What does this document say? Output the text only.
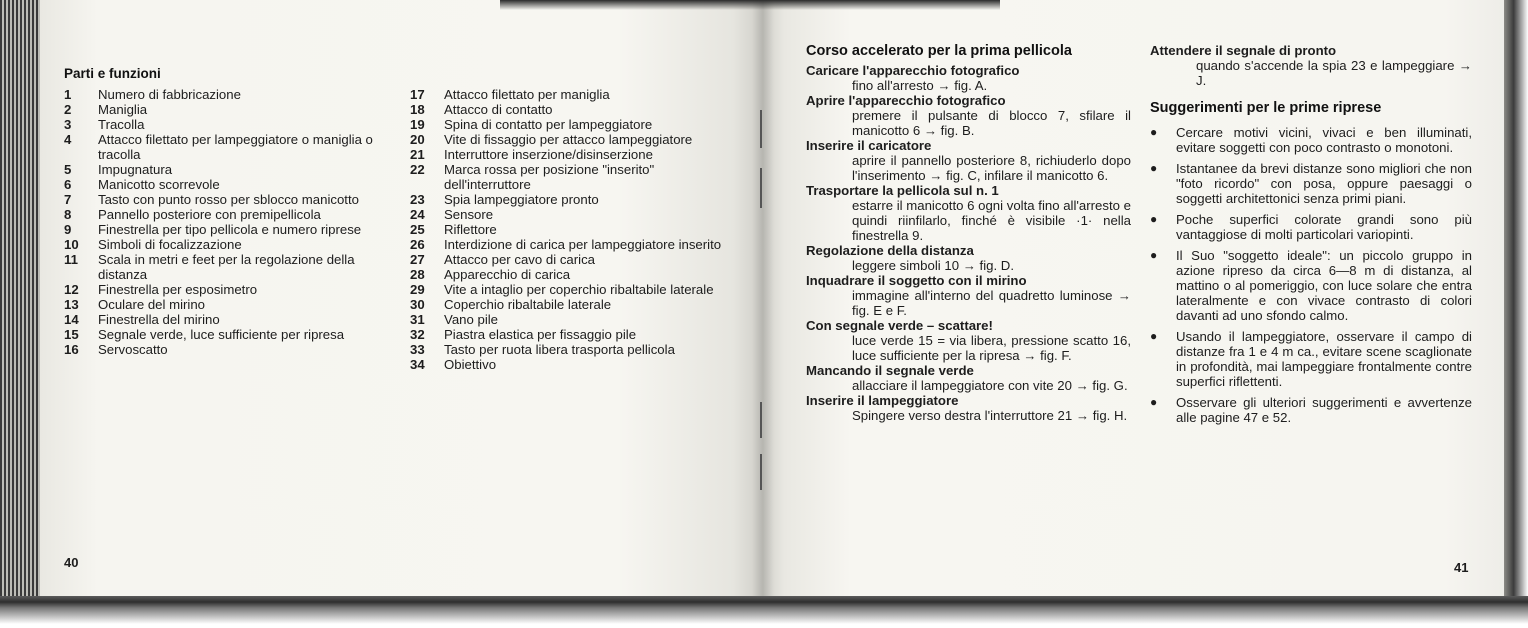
Parti e funzioni
1	Numero di fabbricazione
2	Maniglia
3	Tracolla
4	Attacco filettato per lampeggiatore o maniglia o tracolla
5	Impugnatura
6	Manicotto scorrevole
7	Tasto con punto rosso per sblocco manicotto
8	Pannello posteriore con premipellicola
9	Finestrella per tipo pellicola e numero riprese
10	Simboli di focalizzazione
11	Scala in metri e feet per la regolazione della distanza
12	Finestrella per esposimetro
13	Oculare del mirino
14	Finestrella del mirino
15	Segnale verde, luce sufficiente per ripresa
16	Servoscatto
17	Attacco filettato per maniglia
18	Attacco di contatto
19	Spina di contatto per lampeggiatore
20	Vite di fissaggio per attacco lampeggiatore
21	Interruttore inserzione/disinserzione
22	Marca rossa per posizione "inserito" dell'interruttore
23	Spia lampeggiatore pronto
24	Sensore
25	Riflettore
26	Interdizione di carica per lampeggiatore inserito
27	Attacco per cavo di carica
28	Apparecchio di carica
29	Vite a intaglio per coperchio ribaltabile laterale
30	Coperchio ribaltabile laterale
31	Vano pile
32	Piastra elastica per fissaggio pile
33	Tasto per ruota libera trasporta pellicola
34	Obiettivo
40
Corso accelerato per la prima pellicola
Caricare l'apparecchio fotografico
fino all'arresto → fig. A.
Aprire l'apparecchio fotografico
premere il pulsante di blocco 7, sfilare il manicotto 6 → fig. B.
Inserire il caricatore
aprire il pannello posteriore 8, richiuderlo dopo l'inserimento → fig. C, infilare il manicotto 6.
Trasportare la pellicola sul n. 1
estarre il manicotto 6 ogni volta fino all'arresto e quindi riinfilarlo, finché è visibile ·1· nella finestrella 9.
Regolazione della distanza
leggere simboli 10 → fig. D.
Inquadrare il soggetto con il mirino
immagine all'interno del quadretto luminose → fig. E e F.
Con segnale verde – scattare!
luce verde 15 = via libera, pressione scatto 16, luce sufficiente per la ripresa → fig. F.
Mancando il segnale verde
allacciare il lampeggiatore con vite 20 → fig. G.
Inserire il lampeggiatore
Spingere verso destra l'interruttore 21 → fig. H.
Attendere il segnale di pronto
quando s'accende la spia 23 e lampeggiare → J.
Suggerimenti per le prime riprese
●	Cercare motivi vicini, vivaci e ben illuminati, evitare soggetti con poco contrasto o monotoni.
●	Istantanee da brevi distanze sono migliori che non "foto ricordo" con posa, oppure paesaggi o soggetti architettonici senza primi piani.
●	Poche superfici colorate grandi sono più vantaggiose di molti particolari variopinti.
●	Il Suo "soggetto ideale": un piccolo gruppo in azione ripreso da circa 6—8 m di distanza, al mattino o al pomeriggio, con luce solare che entra lateralmente e con vivace contrasto di colori davanti ad uno sfondo calmo.
●	Usando il lampeggiatore, osservare il campo di distanze fra 1 e 4 m ca., evitare scene scaglionate in profondità, mai lampeggiare frontalmente contre superfici riflettenti.
●	Osservare gli ulteriori suggerimenti e avvertenze alle pagine 47 e 52.
41
